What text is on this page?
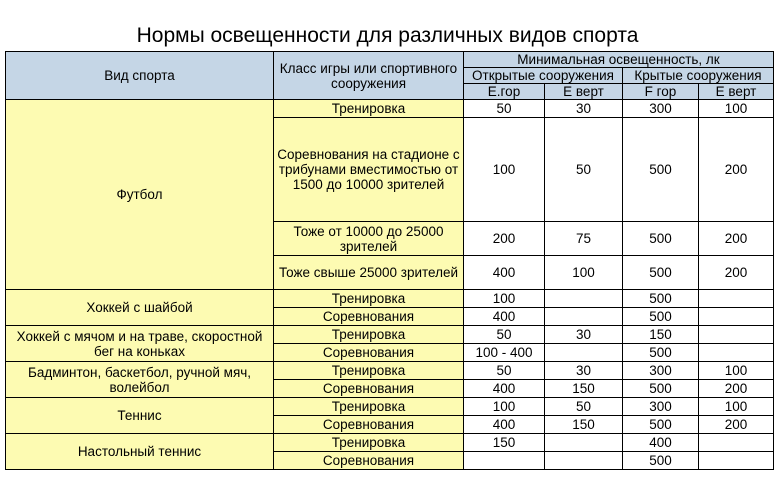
Нормы освещенности для различных видов спорта
Вид спорта	Класс игры или спортивного сооружения	Минимальная освещенность, лк			
		Открытые сооружения		Крытые сооружения	
		Е.гор	Е верт	F гор	Е верт
Футбол	Тренировка	50	30	300	100
	Соревнования на стадионе с трибунами вместимостью от 1500 до 10000 зрителей	100	50	500	200
	Тоже от 10000 до 25000 зрителей	200	75	500	200
	Тоже свыше 25000 зрителей	400	100	500	200
Хоккей с шайбой	Тренировка	100		500	
	Соревнования	400		500	
Хоккей с мячом и на траве, скоростной бег на коньках	Тренировка	50	30	150	
	Соревнования	100 - 400		500	
Бадминтон, баскетбол, ручной мяч, волейбол	Тренировка	50	30	300	100
	Соревнования	400	150	500	200
Теннис	Тренировка	100	50	300	100
	Соревнования	400	150	500	200
Настольный теннис	Тренировка	150		400	
	Соревнования			500	
